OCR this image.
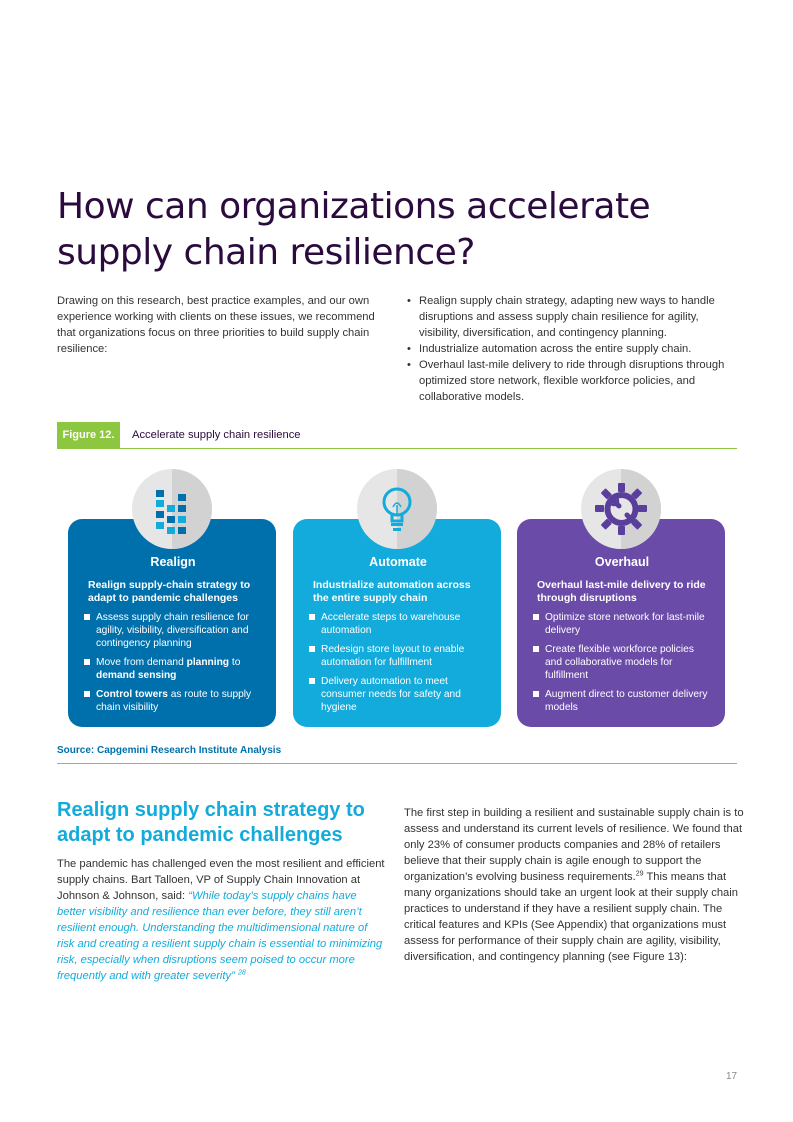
How can organizations accelerate
supply chain resilience?
Drawing on this research, best practice examples, and our own experience working with clients on these issues, we recommend that organizations focus on three priorities to build supply chain resilience:
• Realign supply chain strategy, adapting new ways to handle disruptions and assess supply chain resilience for agility, visibility, diversification, and contingency planning.
• Industrialize automation across the entire supply chain.
• Overhaul last-mile delivery to ride through disruptions through optimized store network, flexible workforce policies, and collaborative models.
Figure 12.	Accelerate supply chain resilience
Realign
Realign supply-chain strategy to adapt to pandemic challenges
Assess supply chain resilience for agility, visibility, diversification and contingency planning
Move from demand planning to demand sensing
Control towers as route to supply chain visibility
Automate
Industrialize automation across the entire supply chain
Accelerate steps to warehouse automation
Redesign store layout to enable automation for fulfillment
Delivery automation to meet consumer needs for safety and hygiene
Overhaul
Overhaul last-mile delivery to ride through disruptions
Optimize store network for last-mile delivery
Create flexible workforce policies and collaborative models for fulfillment
Augment direct to customer delivery models
Source: Capgemini Research Institute Analysis
Realign supply chain strategy to adapt to pandemic challenges
The pandemic has challenged even the most resilient and efficient supply chains. Bart Talloen, VP of Supply Chain Innovation at Johnson & Johnson, said: “While today’s supply chains have better visibility and resilience than ever before, they still aren’t resilient enough. Understanding the multidimensional nature of risk and creating a resilient supply chain is essential to minimizing risk, especially when disruptions seem poised to occur more frequently and with greater severity” $^{28}$
The first step in building a resilient and sustainable supply chain is to assess and understand its current levels of resilience. We found that only 23% of consumer products companies and 28% of retailers believe that their supply chain is agile enough to support the organization’s evolving business requirements.$^{29}$ This means that many organizations should take an urgent look at their supply chain practices to understand if they have a resilient supply chain. The critical features and KPIs (See Appendix) that organizations must assess for performance of their supply chain are agility, visibility, diversification, and contingency planning (see Figure 13):
17
